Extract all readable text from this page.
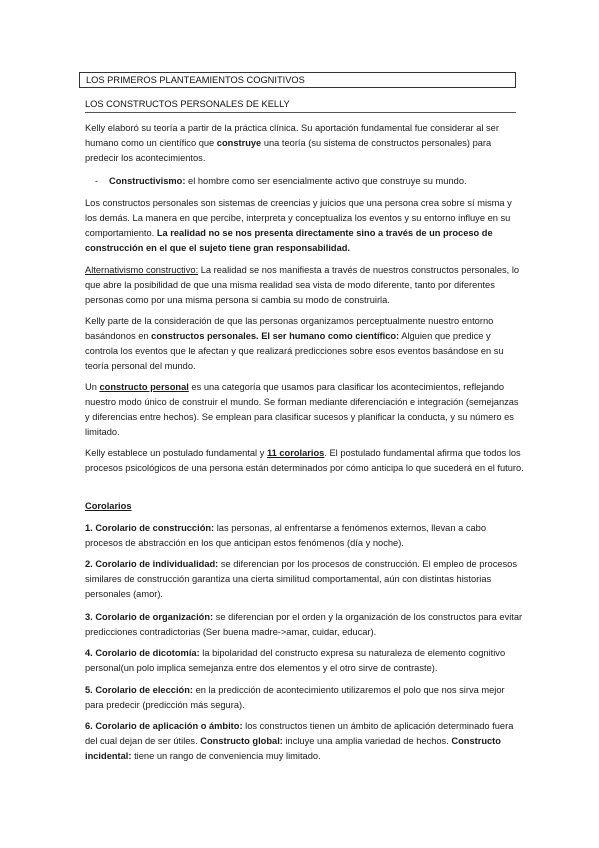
LOS PRIMEROS PLANTEAMIENTOS COGNITIVOS
LOS CONSTRUCTOS PERSONALES DE KELLY

Kelly elaboró su teoría a partir de la práctica clínica. Su aportación fundamental fue considerar al ser humano como un científico que construye una teoría (su sistema de constructos personales) para predecir los acontecimientos.

- Constructivismo: el hombre como ser esencialmente activo que construye su mundo.

Los constructos personales son sistemas de creencias y juicios que una persona crea sobre sí misma y los demás. La manera en que percibe, interpreta y conceptualiza los eventos y su entorno influye en su comportamiento. La realidad no se nos presenta directamente sino a través de un proceso de construcción en el que el sujeto tiene gran responsabilidad.

Alternativismo constructivo: La realidad se nos manifiesta a través de nuestros constructos personales, lo que abre la posibilidad de que una misma realidad sea vista de modo diferente, tanto por diferentes personas como por una misma persona si cambia su modo de construirla.

Kelly parte de la consideración de que las personas organizamos perceptualmente nuestro entorno basándonos en constructos personales. El ser humano como científico: Alguien que predice y controla los eventos que le afectan y que realizará predicciones sobre esos eventos basándose en su teoría personal del mundo.

Un constructo personal es una categoría que usamos para clasificar los acontecimientos, reflejando nuestro modo único de construir el mundo. Se forman mediante diferenciación e integración (semejanzas y diferencias entre hechos). Se emplean para clasificar sucesos y planificar la conducta, y su número es limitado.

Kelly establece un postulado fundamental y 11 corolarios. El postulado fundamental afirma que todos los procesos psicológicos de una persona están determinados por cómo anticipa lo que sucederá en el futuro.

Corolarios

1. Corolario de construcción: las personas, al enfrentarse a fenómenos externos, llevan a cabo procesos de abstracción en los que anticipan estos fenómenos (día y noche).

2. Corolario de individualidad: se diferencian por los procesos de construcción. El empleo de procesos similares de construcción garantiza una cierta similitud comportamental, aún con distintas historias personales (amor).

3. Corolario de organización: se diferencian por el orden y la organización de los constructos para evitar predicciones contradictorias (Ser buena madre->amar, cuidar, educar).

4. Corolario de dicotomía: la bipolaridad del constructo expresa su naturaleza de elemento cognitivo personal(un polo implica semejanza entre dos elementos y el otro sirve de contraste).

5. Corolario de elección: en la predicción de acontecimiento utilizaremos el polo que nos sirva mejor para predecir (predicción más segura).

6. Corolario de aplicación o ámbito: los constructos tienen un ámbito de aplicación determinado fuera del cual dejan de ser útiles. Constructo global: incluye una amplia variedad de hechos. Constructo incidental: tiene un rango de conveniencia muy limitado.
